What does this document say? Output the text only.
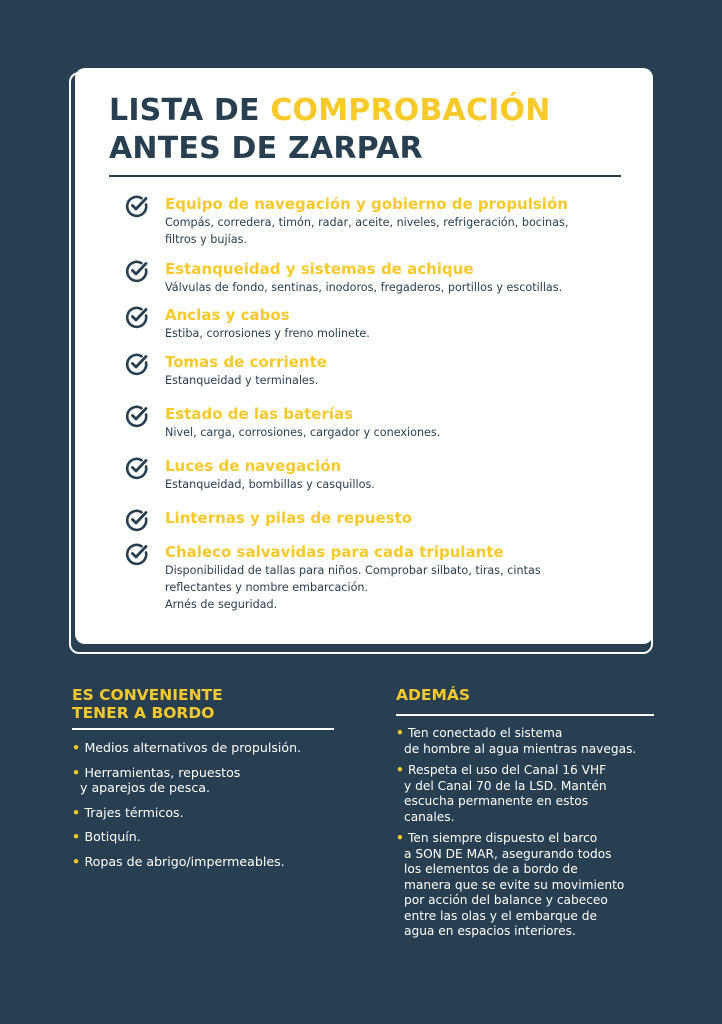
LISTA DE COMPROBACIÓN
ANTES DE ZARPAR
Equipo de navegación y gobierno de propulsión
Compás, corredera, timón, radar, aceite, niveles, refrigeración, bocinas, filtros y bujías.
Estanqueidad y sistemas de achique
Válvulas de fondo, sentinas, inodoros, fregaderos, portillos y escotillas.
Anclas y cabos
Estiba, corrosiones y freno molinete.
Tomas de corriente
Estanqueidad y terminales.
Estado de las baterías
Nivel, carga, corrosiones, cargador y conexiones.
Luces de navegación
Estanqueidad, bombillas y casquillos.
Linternas y pilas de repuesto
Chaleco salvavidas para cada tripulante
Disponibilidad de tallas para niños. Comprobar silbato, tiras, cintas reflectantes y nombre embarcación.
Arnés de seguridad.

ES CONVENIENTE
TENER A BORDO

• Medios alternativos de propulsión.
• Herramientas, repuestos
y aparejos de pesca.
• Trajes térmicos.
• Botiquín.
• Ropas de abrigo/impermeables.

ADEMÁS

• Ten conectado el sistema
de hombre al agua mientras navegas.
• Respeta el uso del Canal 16 VHF
y del Canal 70 de la LSD. Mantén
escucha permanente en estos
canales.
• Ten siempre dispuesto el barco
a SON DE MAR, asegurando todos
los elementos de a bordo de
manera que se evite su movimiento
por acción del balance y cabeceo
entre las olas y el embarque de
agua en espacios interiores.
